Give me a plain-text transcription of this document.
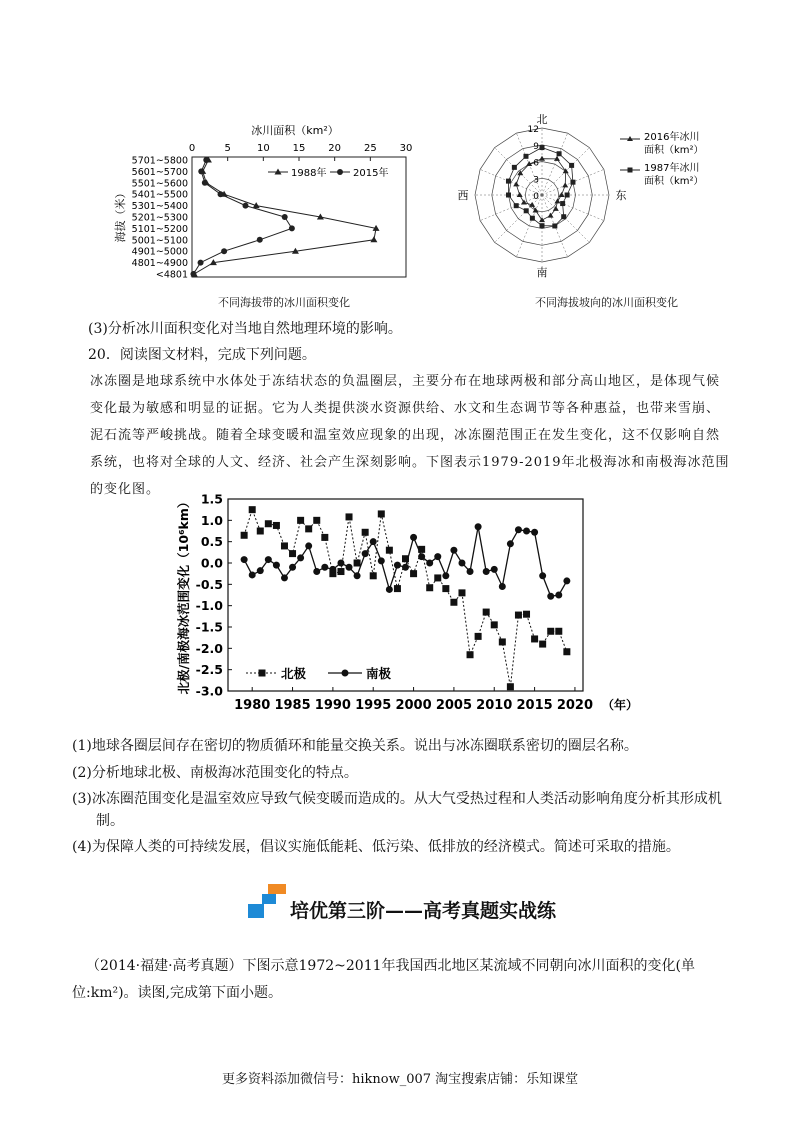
冰川面积（km²）
0	5	10 15 20 25 30
5701~5800
5601~5700
5501~5600
5401~5500
5301~5400
5201~5300
5101~5200
5001~5100
4901~5000
4801~4900
<4801
海拔（米）
1988年	2015年
不同海拔带的冰川面积变化
12
9
6
3
0
北
东
南
西
2016年冰川
面积（km²）
1987年冰川
面积（km²）
不同海拔坡向的冰川面积变化
(3)分析冰川面积变化对当地自然地理环境的影响。
20．阅读图文材料，完成下列问题。
冰冻圈是地球系统中水体处于冻结状态的负温圈层，主要分布在地球两极和部分高山地区，是体现气候
变化最为敏感和明显的证据。它为人类提供淡水资源供给、水文和生态调节等各种惠益，也带来雪崩、
泥石流等严峻挑战。随着全球变暖和温室效应现象的出现，冰冻圈范围正在发生变化，这不仅影响自然
系统，也将对全球的人文、经济、社会产生深刻影响。下图表示1979-2019年北极海冰和南极海冰范围
的变化图。
1.5
1.0
0.5
0.0
-0.5
-1.0
-1.5
-2.0
-2.5
-3.0
1980 1985 1990 1995 2000 2005 2010 2015 2020 （年）
北极/南极海冰范围变化（10⁶km）	北极	南极
(1)地球各圈层间存在密切的物质循环和能量交换关系。说出与冰冻圈联系密切的圈层名称。
(2)分析地球北极、南极海冰范围变化的特点。
(3)冰冻圈范围变化是温室效应导致气候变暖而造成的。从大气受热过程和人类活动影响角度分析其形成机
制。
(4)为保障人类的可持续发展，倡议实施低能耗、低污染、低排放的经济模式。简述可采取的措施。
培优第三阶——高考真题实战练
（2014·福建·高考真题）下图示意1972~2011年我国西北地区某流域不同朝向冰川面积的变化(单
位:km²)。读图,完成第下面小题。
更多资料添加微信号：hiknow_007 淘宝搜索店铺：乐知课堂
